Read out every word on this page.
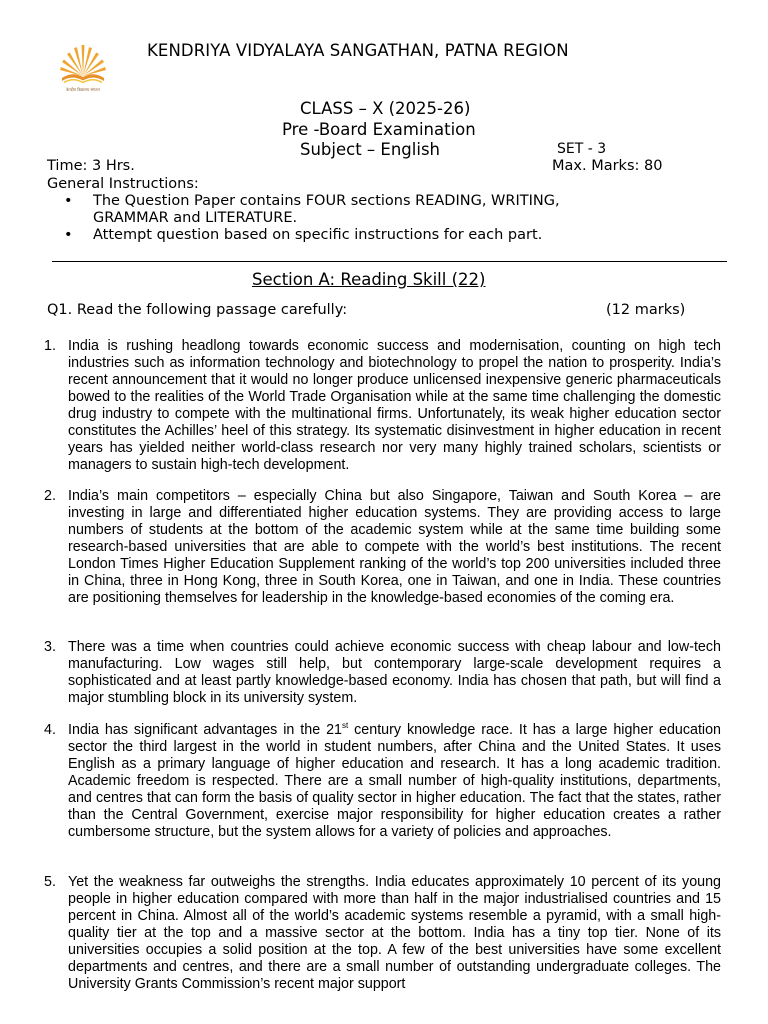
केन्द्रीय विद्यालय संगठन
KENDRIYA VIDYALAYA SANGATHAN, PATNA REGION
CLASS – X (2025-26)
Pre -Board Examination
Subject – English	SET - 3
Time: 3 Hrs.	Max. Marks: 80
General Instructions:
• The Question Paper contains FOUR sections READING, WRITING, GRAMMAR and LITERATURE.
• Attempt question based on specific instructions for each part.
Section A: Reading Skill (22)
Q1. Read the following passage carefully:	(12 marks)
1. India is rushing headlong towards economic success and modernisation, counting on high tech industries such as information technology and biotechnology to propel the nation to prosperity. India’s recent announcement that it would no longer produce unlicensed inexpensive generic pharmaceuticals bowed to the realities of the World Trade Organisation while at the same time challenging the domestic drug industry to compete with the multinational firms. Unfortunately, its weak higher education sector constitutes the Achilles’ heel of this strategy. Its systematic disinvestment in higher education in recent years has yielded neither world-class research nor very many highly trained scholars, scientists or managers to sustain high-tech development.
2. India’s main competitors – especially China but also Singapore, Taiwan and South Korea – are investing in large and differentiated higher education systems. They are providing access to large numbers of students at the bottom of the academic system while at the same time building some research-based universities that are able to compete with the world’s best institutions. The recent London Times Higher Education Supplement ranking of the world’s top 200 universities included three in China, three in Hong Kong, three in South Korea, one in Taiwan, and one in India. These countries are positioning themselves for leadership in the knowledge-based economies of the coming era.
3. There was a time when countries could achieve economic success with cheap labour and low-tech manufacturing. Low wages still help, but contemporary large-scale development requires a sophisticated and at least partly knowledge-based economy. India has chosen that path, but will find a major stumbling block in its university system.
4. India has significant advantages in the 21st century knowledge race. It has a large higher education sector the third largest in the world in student numbers, after China and the United States. It uses English as a primary language of higher education and research. It has a long academic tradition. Academic freedom is respected. There are a small number of high-quality institutions, departments, and centres that can form the basis of quality sector in higher education. The fact that the states, rather than the Central Government, exercise major responsibility for higher education creates a rather cumbersome structure, but the system allows for a variety of policies and approaches.
5. Yet the weakness far outweighs the strengths. India educates approximately 10 percent of its young people in higher education compared with more than half in the major industrialised countries and 15 percent in China. Almost all of the world’s academic systems resemble a pyramid, with a small high-quality tier at the top and a massive sector at the bottom. India has a tiny top tier. None of its universities occupies a solid position at the top. A few of the best universities have some excellent departments and centres, and there are a small number of outstanding undergraduate colleges. The University Grants Commission’s recent major support
